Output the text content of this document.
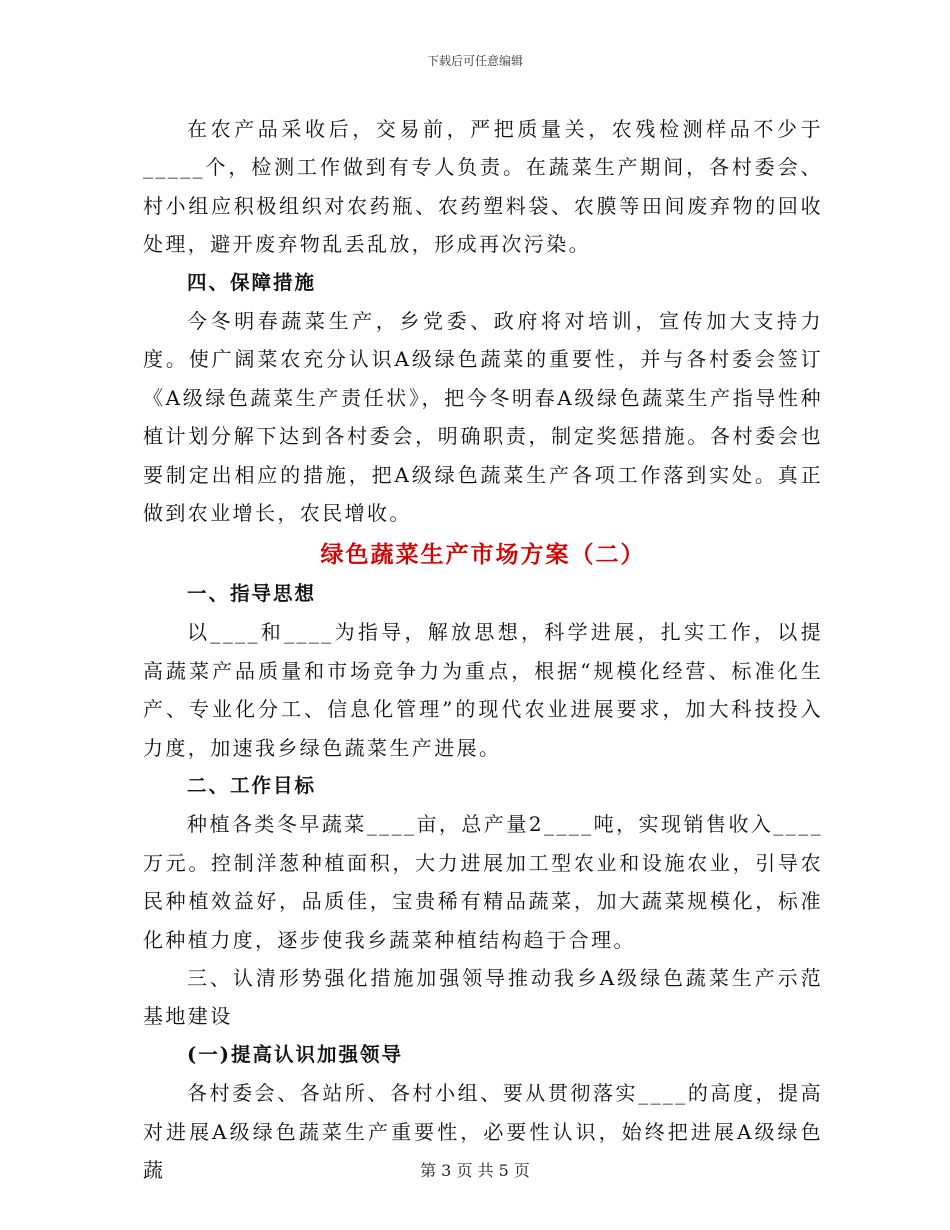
下载后可任意编辑

在农产品采收后，交易前，严把质量关，农残检测样品不少于_____个，检测工作做到有专人负责。在蔬菜生产期间，各村委会、村小组应积极组织对农药瓶、农药塑料袋、农膜等田间废弃物的回收处理，避开废弃物乱丢乱放，形成再次污染。

四、保障措施

今冬明春蔬菜生产，乡党委、政府将对培训，宣传加大支持力度。使广阔菜农充分认识A级绿色蔬菜的重要性，并与各村委会签订《A级绿色蔬菜生产责任状》，把今冬明春A级绿色蔬菜生产指导性种植计划分解下达到各村委会，明确职责，制定奖惩措施。各村委会也要制定出相应的措施，把A级绿色蔬菜生产各项工作落到实处。真正做到农业增长，农民增收。

绿色蔬菜生产市场方案（二）

一、指导思想

以____和____为指导，解放思想，科学进展，扎实工作，以提高蔬菜产品质量和市场竞争力为重点，根据“规模化经营、标准化生产、专业化分工、信息化管理”的现代农业进展要求，加大科技投入力度，加速我乡绿色蔬菜生产进展。

二、工作目标

种植各类冬早蔬菜____亩，总产量2____吨，实现销售收入____万元。控制洋葱种植面积，大力进展加工型农业和设施农业，引导农民种植效益好，品质佳，宝贵稀有精品蔬菜，加大蔬菜规模化，标准化种植力度，逐步使我乡蔬菜种植结构趋于合理。

三、认清形势强化措施加强领导推动我乡A级绿色蔬菜生产示范基地建设

(一)提高认识加强领导

各村委会、各站所、各村小组、要从贯彻落实____的高度，提高对进展A级绿色蔬菜生产重要性，必要性认识，始终把进展A级绿色蔬	第 3 页 共 5 页
